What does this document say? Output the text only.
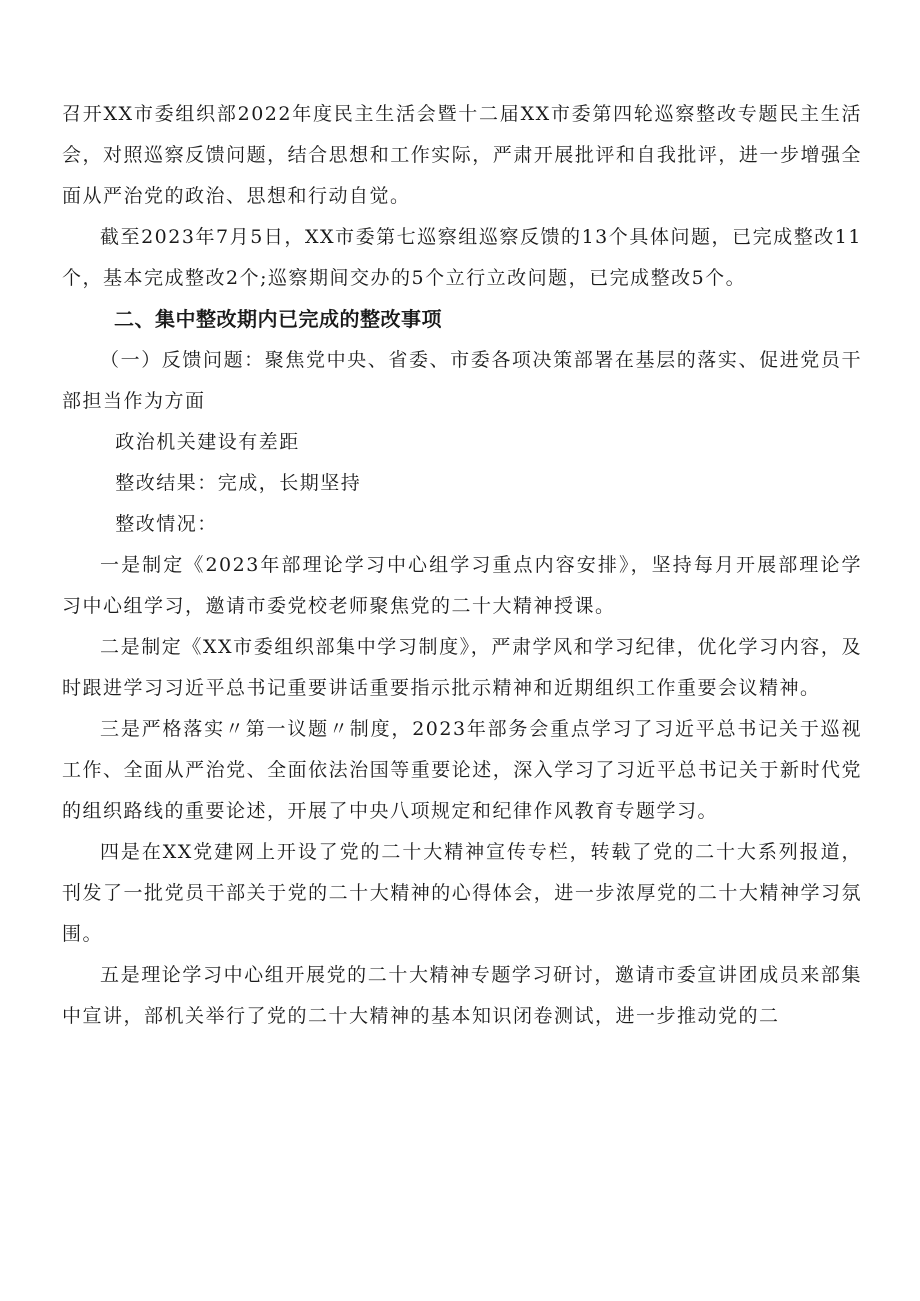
召开XX市委组织部2022年度民主生活会暨十二届XX市委第四轮巡察整改专题民主生活会，对照巡察反馈问题，结合思想和工作实际，严肃开展批评和自我批评，进一步增强全面从严治党的政治、思想和行动自觉。

截至2023年7月5日，XX市委第七巡察组巡察反馈的13个具体问题，已完成整改11个，基本完成整改2个;巡察期间交办的5个立行立改问题，已完成整改5个。

二、集中整改期内已完成的整改事项

（一）反馈问题：聚焦党中央、省委、市委各项决策部署在基层的落实、促进党员干部担当作为方面

政治机关建设有差距

整改结果：完成，长期坚持

整改情况：

一是制定《2023年部理论学习中心组学习重点内容安排》，坚持每月开展部理论学习中心组学习，邀请市委党校老师聚焦党的二十大精神授课。

二是制定《XX市委组织部集中学习制度》，严肃学风和学习纪律，优化学习内容，及时跟进学习习近平总书记重要讲话重要指示批示精神和近期组织工作重要会议精神。

三是严格落实〃第一议题〃制度，2023年部务会重点学习了习近平总书记关于巡视工作、全面从严治党、全面依法治国等重要论述，深入学习了习近平总书记关于新时代党的组织路线的重要论述，开展了中央八项规定和纪律作风教育专题学习。

四是在XX党建网上开设了党的二十大精神宣传专栏，转载了党的二十大系列报道，刊发了一批党员干部关于党的二十大精神的心得体会，进一步浓厚党的二十大精神学习氛围。

五是理论学习中心组开展党的二十大精神专题学习研讨，邀请市委宣讲团成员来部集中宣讲，部机关举行了党的二十大精神的基本知识闭卷测试，进一步推动党的二
